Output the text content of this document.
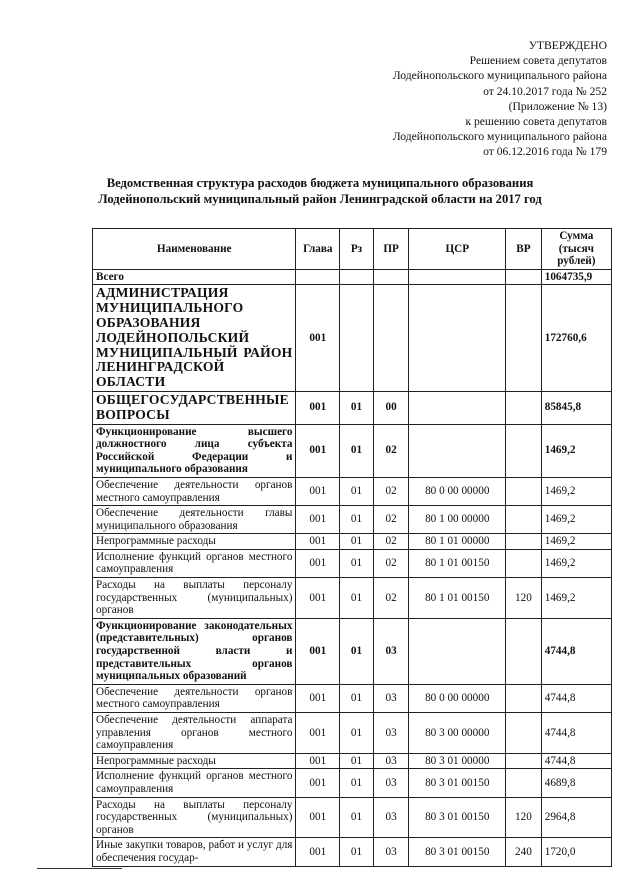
УТВЕРЖДЕНО
Решением совета депутатов
Лодейнопольского муниципального района
от 24.10.2017 года № 252
(Приложение № 13)
к решению совета депутатов
Лодейнопольского муниципального района
от 06.12.2016 года № 179
Ведомственная структура расходов бюджета муниципального образования
Лодейнопольский муниципальный район Ленинградской области на 2017 год
Наименование	Глава	Рз	ПР	ЦСР	ВР	Сумма (тысяч рублей)
Всего						1064735,9
АДМИНИСТРАЦИЯ МУНИЦИПАЛЬНОГО ОБРАЗОВАНИЯ ЛОДЕЙНОПОЛЬСКИЙ МУНИЦИПАЛЬНЫЙ РАЙОН ЛЕНИНГРАДСКОЙ ОБЛАСТИ	001					172760,6
ОБЩЕГОСУДАРСТВЕННЫЕ ВОПРОСЫ	001	01	00			85845,8
Функционирование высшего должностного лица субъекта Российской Федерации и муниципального образования	001	01	02			1469,2
Обеспечение деятельности органов местного самоуправления	001	01	02	80 0 00 00000		1469,2
Обеспечение деятельности главы муниципального образования	001	01	02	80 1 00 00000		1469,2
Непрограммные расходы	001	01	02	80 1 01 00000		1469,2
Исполнение функций органов местного самоуправления	001	01	02	80 1 01 00150		1469,2
Расходы на выплаты персоналу государственных (муниципальных) органов	001	01	02	80 1 01 00150	120	1469,2
Функционирование законодательных (представительных) органов государственной власти и представительных органов муниципальных образований	001	01	03			4744,8
Обеспечение деятельности органов местного самоуправления	001	01	03	80 0 00 00000		4744,8
Обеспечение деятельности аппарата управления органов местного самоуправления	001	01	03	80 3 00 00000		4744,8
Непрограммные расходы	001	01	03	80 3 01 00000		4744,8
Исполнение функций органов местного самоуправления	001	01	03	80 3 01 00150		4689,8
Расходы на выплаты персоналу государственных (муниципальных) органов	001	01	03	80 3 01 00150	120	2964,8
Иные закупки товаров, работ и услуг для обеспечения государ-	001	01	03	80 3 01 00150	240	1720,0
